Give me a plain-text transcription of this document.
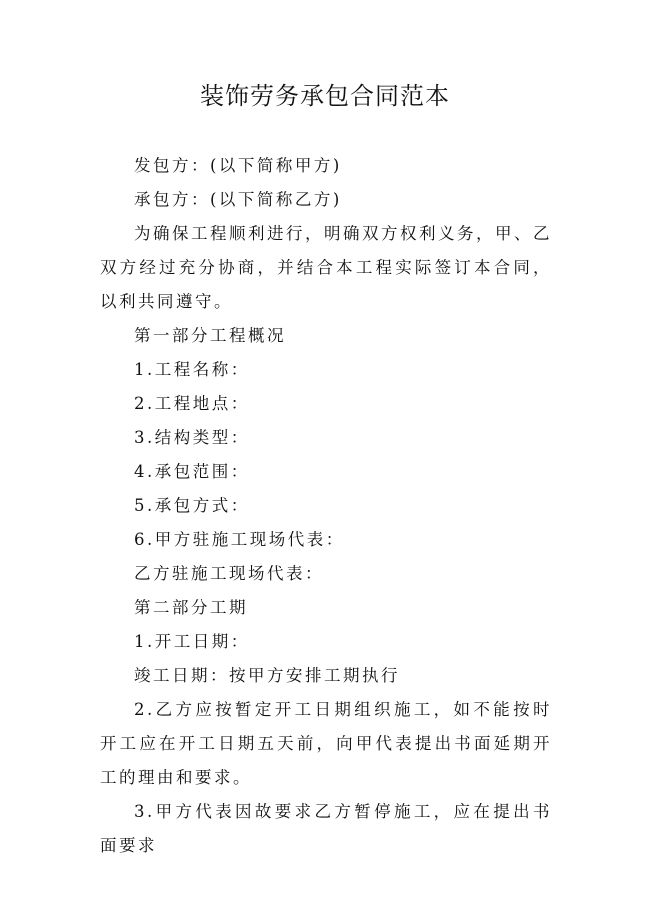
装饰劳务承包合同范本

发包方：(以下简称甲方)

承包方：(以下简称乙方)

为确保工程顺利进行，明确双方权利义务，甲、乙双方经过充分协商，并结合本工程实际签订本合同，以利共同遵守。

第一部分工程概况

1.工程名称：

2.工程地点：

3.结构类型：

4.承包范围：

5.承包方式：

6.甲方驻施工现场代表：

乙方驻施工现场代表：

第二部分工期

1.开工日期：

竣工日期：按甲方安排工期执行

2.乙方应按暂定开工日期组织施工，如不能按时开工应在开工日期五天前，向甲代表提出书面延期开工的理由和要求。

3.甲方代表因故要求乙方暂停施工，应在提出书面要求
